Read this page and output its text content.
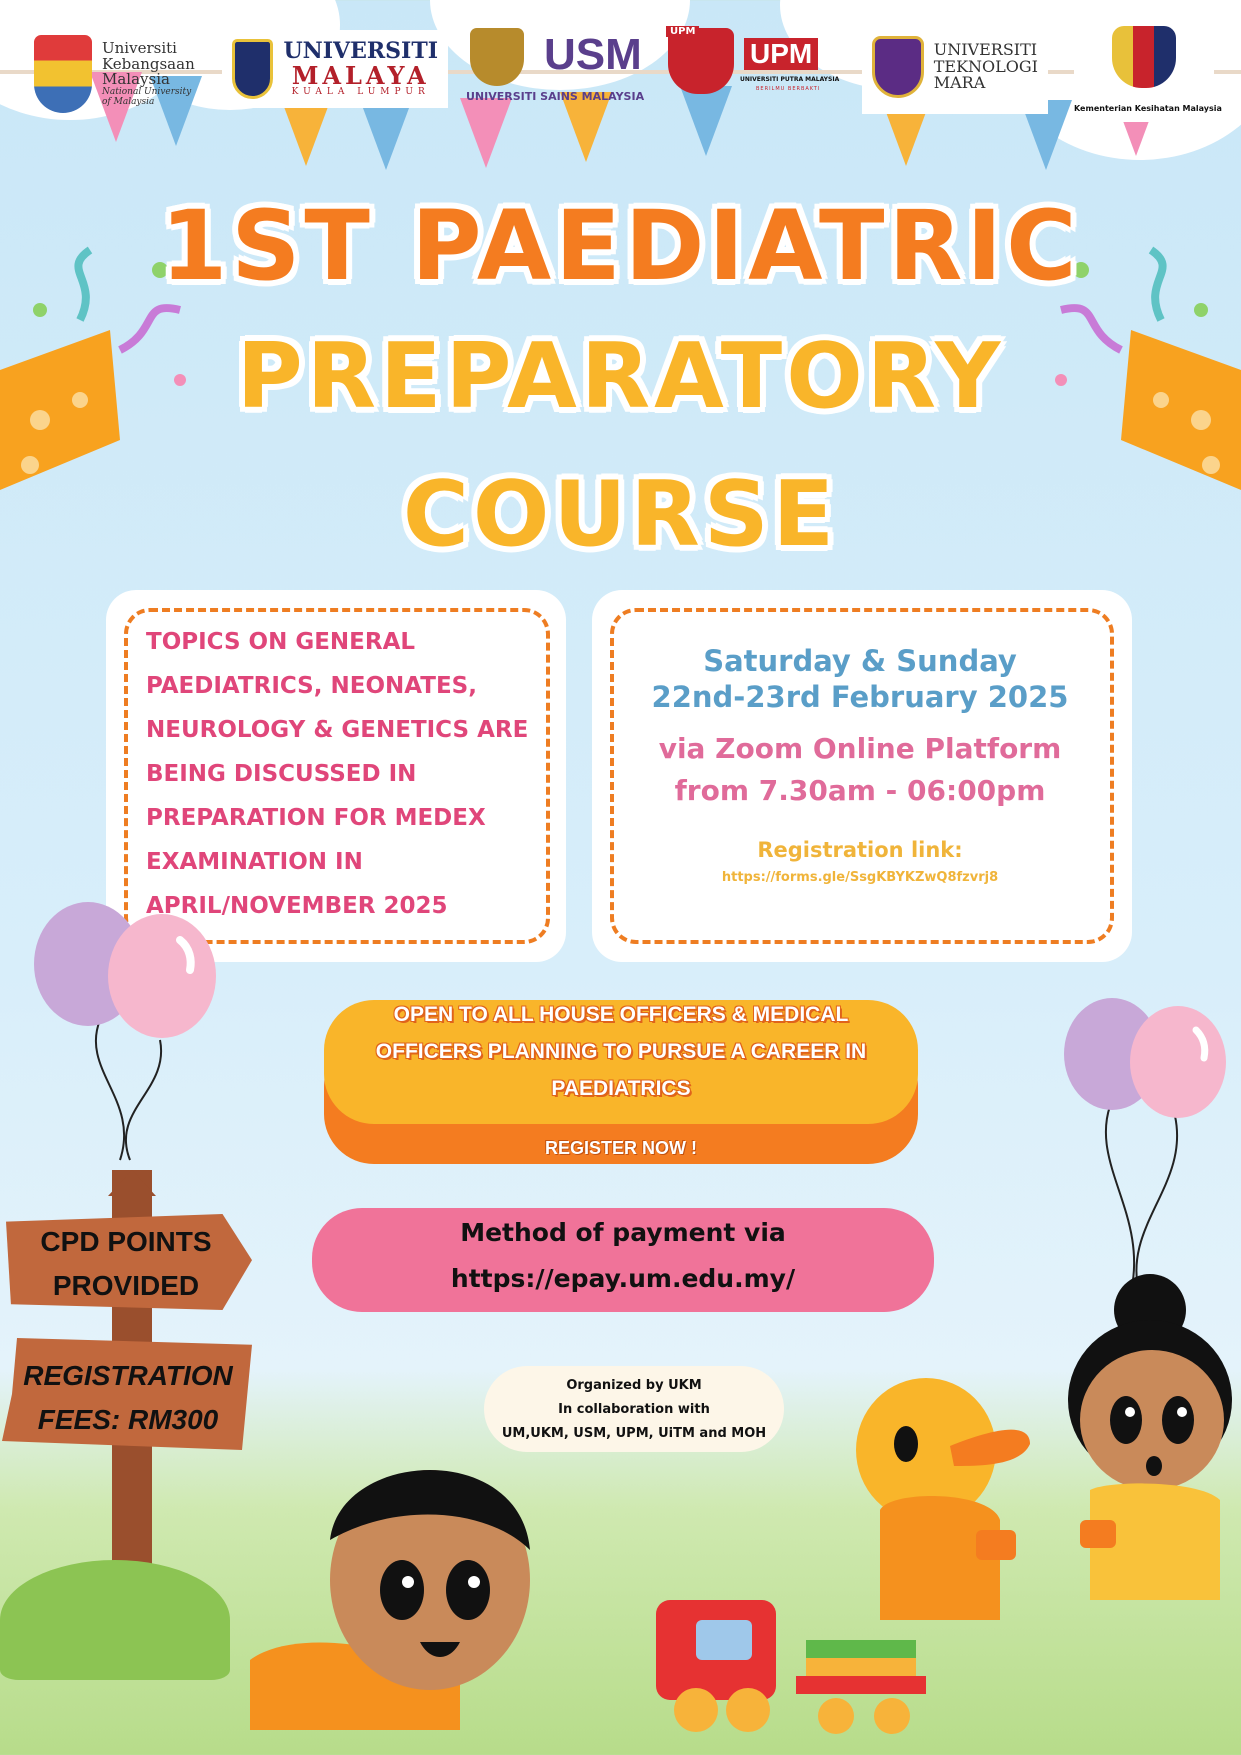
Universiti
Kebangsaan
Malaysia
National University of Malaysia
UNIVERSITI
MALAYA
KUALA LUMPUR
USM
UNIVERSITI SAINS MALAYSIA
UPM
UPM
UNIVERSITI PUTRA MALAYSIA
BERILMU BERBAKTI
UNIVERSITI
TEKNOLOGI
MARA
Kementerian Kesihatan Malaysia
1ST PAEDIATRIC
PREPARATORY
COURSE
TOPICS ON GENERAL
PAEDIATRICS, NEONATES,
NEUROLOGY & GENETICS ARE
BEING DISCUSSED IN
PREPARATION FOR MEDEX
EXAMINATION IN
APRIL/NOVEMBER 2025
Saturday & Sunday
22nd-23rd February 2025
via Zoom Online Platform
from 7.30am - 06:00pm
Registration link:
https://forms.gle/SsgKBYKZwQ8fzvrj8
OPEN TO ALL HOUSE OFFICERS & MEDICAL
OFFICERS PLANNING TO PURSUE A CAREER IN
PAEDIATRICS
REGISTER NOW !
Method of payment via
https://epay.um.edu.my/
CPD POINTS
PROVIDED
REGISTRATION
FEES: RM300
Organized by UKM
In collaboration with
UM,UKM, USM, UPM, UiTM and MOH
